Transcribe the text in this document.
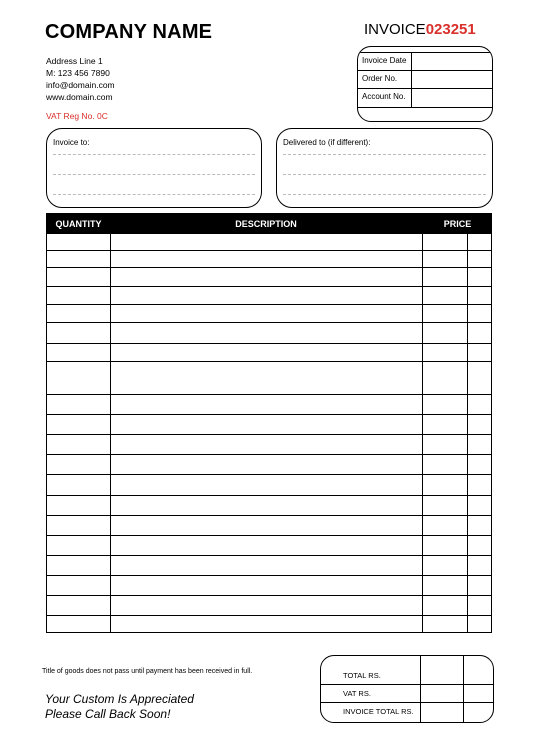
COMPANY NAME
Address Line 1
M: 123 456 7890
info@domain.com
www.domain.com
VAT Reg No. 0C
INVOICE023251
Invoice Date
Order No.
Account No.
Invoice to:	Delivered to (if different):
QUANTITY	DESCRIPTION	PRICE
Title of goods does not pass until payment has been received in full.
Your Custom Is Appreciated
Please Call Back Soon!
TOTAL RS.
VAT RS.
INVOICE TOTAL RS.
